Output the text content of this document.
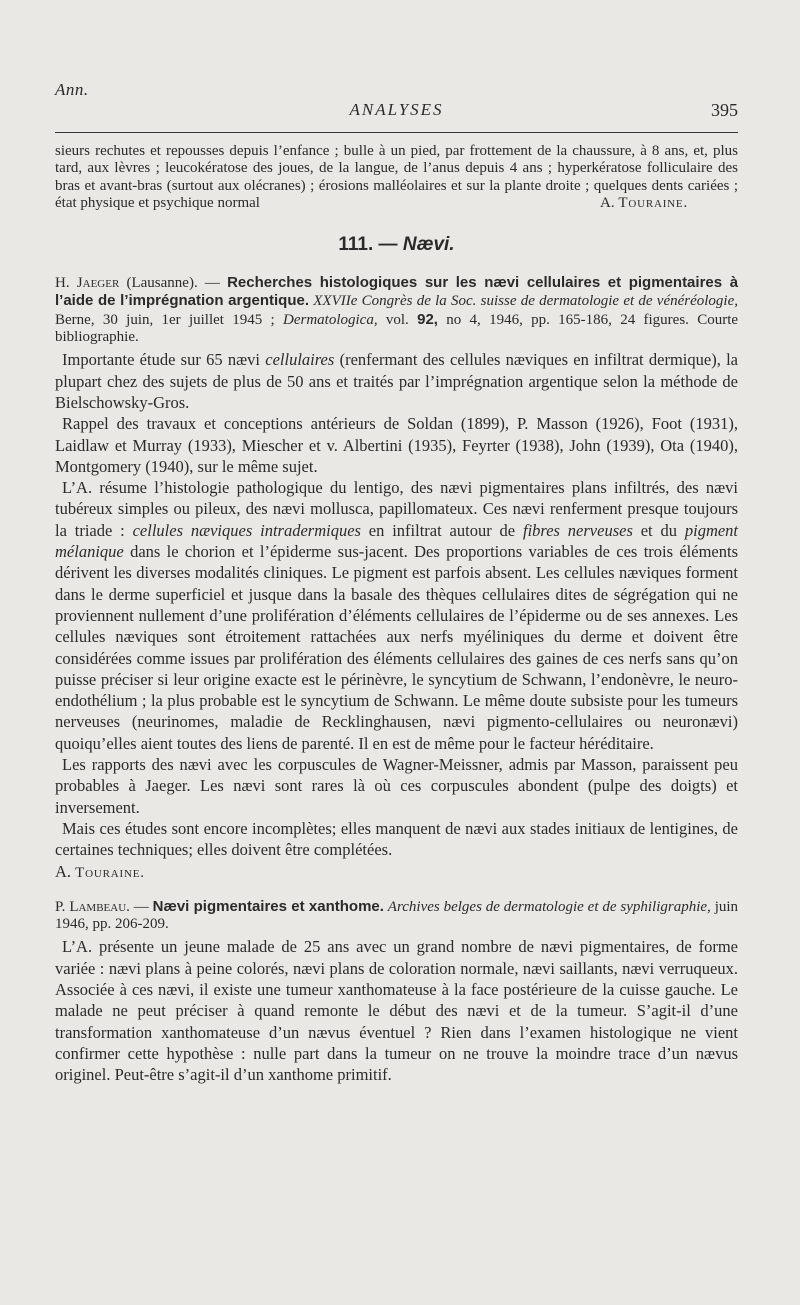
Ann.
ANALYSES	395

sieurs rechutes et repousses depuis l’enfance ; bulle à un pied, par frottement de la chaussure, à 8 ans, et, plus tard, aux lèvres ; leucokératose des joues, de la langue, de l’anus depuis 4 ans ; hyperkératose folliculaire des bras et avant-bras (surtout aux olécranes) ; érosions malléolaires et sur la plante droite ; quelques dents cariées ; état physique et psychique normal	A. Touraine.
111. — Nævi.

H. Jaeger (Lausanne). — Recherches histologiques sur les nævi cellulaires et pigmentaires à l’aide de l’imprégnation argentique. XXVIIe Congrès de la Soc. suisse de dermatologie et de vénéréologie, Berne, 30 juin, 1er juillet 1945 ; Dermatologica, vol. 92, no 4, 1946, pp. 165-186, 24 figures. Courte bibliographie.

Importante étude sur 65 nævi cellulaires (renfermant des cellules næviques en infiltrat dermique), la plupart chez des sujets de plus de 50 ans et traités par l’imprégnation argentique selon la méthode de Bielschowsky-Gros.

Rappel des travaux et conceptions antérieurs de Soldan (1899), P. Masson (1926), Foot (1931), Laidlaw et Murray (1933), Miescher et v. Albertini (1935), Feyrter (1938), John (1939), Ota (1940), Montgomery (1940), sur le même sujet.

L’A. résume l’histologie pathologique du lentigo, des nævi pigmentaires plans infiltrés, des nævi tubéreux simples ou pileux, des nævi mollusca, papillomateux. Ces nævi renferment presque toujours la triade : cellules næviques intradermiques en infiltrat autour de fibres nerveuses et du pigment mélanique dans le chorion et l’épiderme sus-jacent. Des proportions variables de ces trois éléments dérivent les diverses modalités cliniques. Le pigment est parfois absent. Les cellules næviques forment dans le derme superficiel et jusque dans la basale des thèques cellulaires dites de ségrégation qui ne proviennent nullement d’une prolifération d’éléments cellulaires de l’épiderme ou de ses annexes. Les cellules næviques sont étroitement rattachées aux nerfs myéliniques du derme et doivent être considérées comme issues par prolifération des éléments cellulaires des gaines de ces nerfs sans qu’on puisse préciser si leur origine exacte est le périnèvre, le syncytium de Schwann, l’endonèvre, le neuro-endothélium ; la plus probable est le syncytium de Schwann. Le même doute subsiste pour les tumeurs nerveuses (neurinomes, maladie de Recklinghausen, nævi pigmento-cellulaires ou neuronævi) quoiqu’elles aient toutes des liens de parenté. Il en est de même pour le facteur héréditaire.

Les rapports des nævi avec les corpuscules de Wagner-Meissner, admis par Masson, paraissent peu probables à Jaeger. Les nævi sont rares là où ces corpuscules abondent (pulpe des doigts) et inversement.

Mais ces études sont encore incomplètes; elles manquent de nævi aux stades initiaux de lentigines, de certaines techniques; elles doivent être complétées.

A. Touraine.

P. Lambeau. — Nævi pigmentaires et xanthome. Archives belges de dermatologie et de syphiligraphie, juin 1946, pp. 206-209.

L’A. présente un jeune malade de 25 ans avec un grand nombre de nævi pigmentaires, de forme variée : nævi plans à peine colorés, nævi plans de coloration normale, nævi saillants, nævi verruqueux. Associée à ces nævi, il existe une tumeur xanthomateuse à la face postérieure de la cuisse gauche. Le malade ne peut préciser à quand remonte le début des nævi et de la tumeur. S’agit-il d’une transformation xanthomateuse d’un nævus éventuel ? Rien dans l’examen histologique ne vient confirmer cette hypothèse : nulle part dans la tumeur on ne trouve la moindre trace d’un nævus originel. Peut-être s’agit-il d’un xanthome primitif.
